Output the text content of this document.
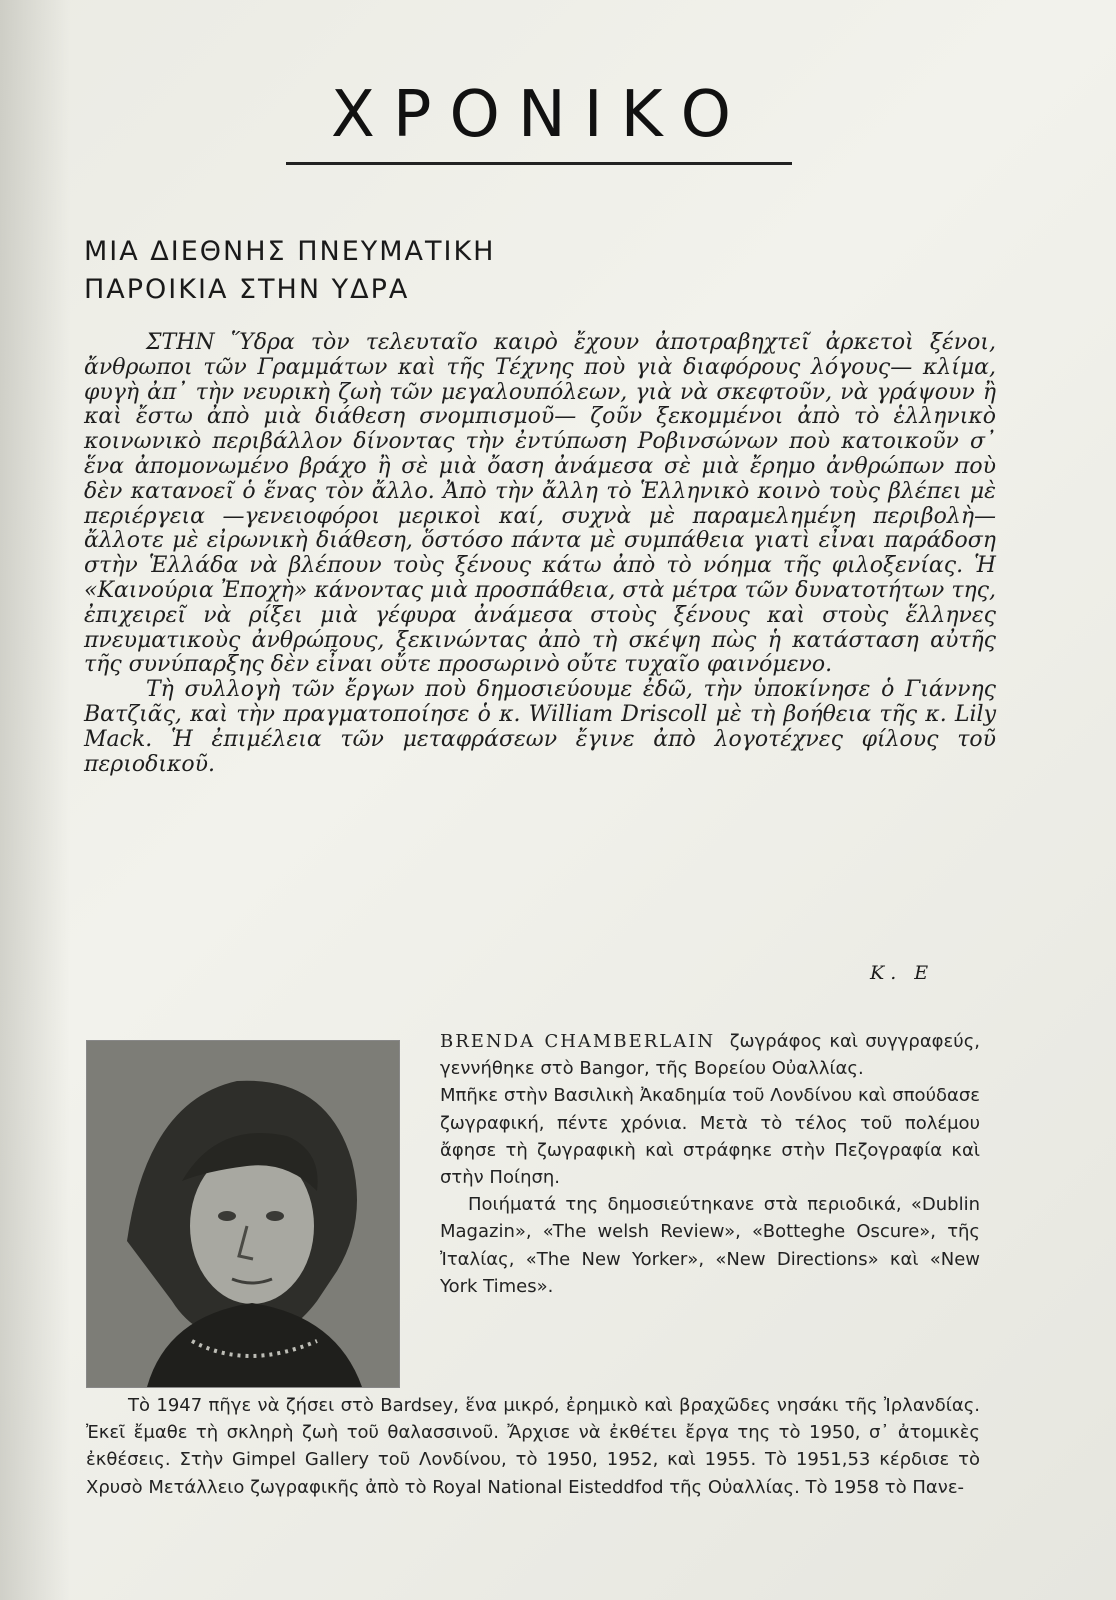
ΧΡΟΝΙΚΟ
ΜΙΑ ΔΙΕΘΝΗΣ ΠΝΕΥΜΑΤΙΚΗ
ΠΑΡΟΙΚΙΑ ΣΤΗΝ ΥΔΡΑ

ΣΤΗΝ Ὕδρα τὸν τελευταῖο καιρὸ ἔχουν ἀποτραβηχτεῖ ἀρκετοὶ ξένοι, ἄνθρωποι τῶν Γραμμάτων καὶ τῆς Τέχνης ποὺ γιὰ διαφόρους λόγους— κλίμα, φυγὴ ἀπ᾿ τὴν νευρικὴ ζωὴ τῶν μεγαλουπόλεων, γιὰ νὰ σκεφτοῦν, νὰ γράψουν ἢ καὶ ἔστω ἀπὸ μιὰ διάθεση σνομπισμοῦ— ζοῦν ξεκομμένοι ἀπὸ τὸ ἑλληνικὸ κοινωνικὸ περιβάλλον δίνοντας τὴν ἐντύπωση Ροβινσώνων ποὺ κατοικοῦν σ᾿ ἕνα ἀπομονωμένο βράχο ἢ σὲ μιὰ ὄαση ἀνάμεσα σὲ μιὰ ἔρημο ἀνθρώπων ποὺ δὲν κατανοεῖ ὁ ἕνας τὸν ἄλλο. Ἀπὸ τὴν ἄλλη τὸ Ἑλληνικὸ κοινὸ τοὺς βλέπει μὲ περιέργεια —γενειοφόροι μερικοὶ καί, συχνὰ μὲ παραμελημένη περιβολὴ— ἄλλοτε μὲ εἰρωνικὴ διάθεση, ὅστόσο πάντα μὲ συμπάθεια γιατὶ εἶναι παράδοση στὴν Ἑλλάδα νὰ βλέπουν τοὺς ξένους κάτω ἀπὸ τὸ νόημα τῆς φιλοξενίας. Ἡ «Καινούρια Ἐποχὴ» κάνοντας μιὰ προσπάθεια, στὰ μέτρα τῶν δυνατοτήτων της, ἐπιχειρεῖ νὰ ρίξει μιὰ γέφυρα ἀνάμεσα στοὺς ξένους καὶ στοὺς ἕλληνες πνευματικοὺς ἀνθρώπους, ξεκινώντας ἀπὸ τὴ σκέψη πὼς ἡ κατάσταση αὐτῆς τῆς συνύπαρξης δὲν εἶναι οὔτε προσωρινὸ οὔτε τυχαῖο φαινόμενο.

Τὴ συλλογὴ τῶν ἔργων ποὺ δημοσιεύουμε ἐδῶ, τὴν ὑποκίνησε ὁ Γιάννης Βατζιᾶς, καὶ τὴν πραγματοποίησε ὁ κ. William Driscoll μὲ τὴ βοήθεια τῆς κ. Lily Mack. Ἡ ἐπιμέλεια τῶν μεταφράσεων ἔγινε ἀπὸ λογοτέχνες φίλους τοῦ περιοδικοῦ.

Κ. Ε

BRENDA CHAMBERLAIN ζωγράφος καὶ συγγραφεύς, γεννήθηκε στὸ Bangor, τῆς Βορείου Οὐαλλίας.

Μπῆκε στὴν Βασιλικὴ Ἀκαδημία τοῦ Λονδίνου καὶ σπούδασε ζωγραφική, πέντε χρόνια. Μετὰ τὸ τέλος τοῦ πολέμου ἄφησε τὴ ζωγραφικὴ καὶ στράφηκε στὴν Πεζογραφία καὶ στὴν Ποίηση.

Ποιήματά της δημοσιεύτηκανε στὰ περιοδικά, «Dublin Magazin», «The welsh Review», «Botteghe Oscure», τῆς Ἰταλίας, «The New Yorker», «New Directions» καὶ «New York Times».

Τὸ 1947 πῆγε νὰ ζήσει στὸ Bardsey, ἕνα μικρό, ἐρημικὸ καὶ βραχῶδες νησάκι τῆς Ἰρλανδίας. Ἐκεῖ ἔμαθε τὴ σκληρὴ ζωὴ τοῦ θαλασσινοῦ. Ἄρχισε νὰ ἐκθέτει ἔργα της τὸ 1950, σ᾿ ἀτομικὲς ἐκθέσεις. Στὴν Gimpel Gallery τοῦ Λονδίνου, τὸ 1950, 1952, καὶ 1955. Τὸ 1951,53 κέρδισε τὸ Χρυσὸ Μετάλλειο ζωγραφικῆς ἀπὸ τὸ Royal National Eisteddfod τῆς Οὐαλλίας. Τὸ 1958 τὸ Πανε-
